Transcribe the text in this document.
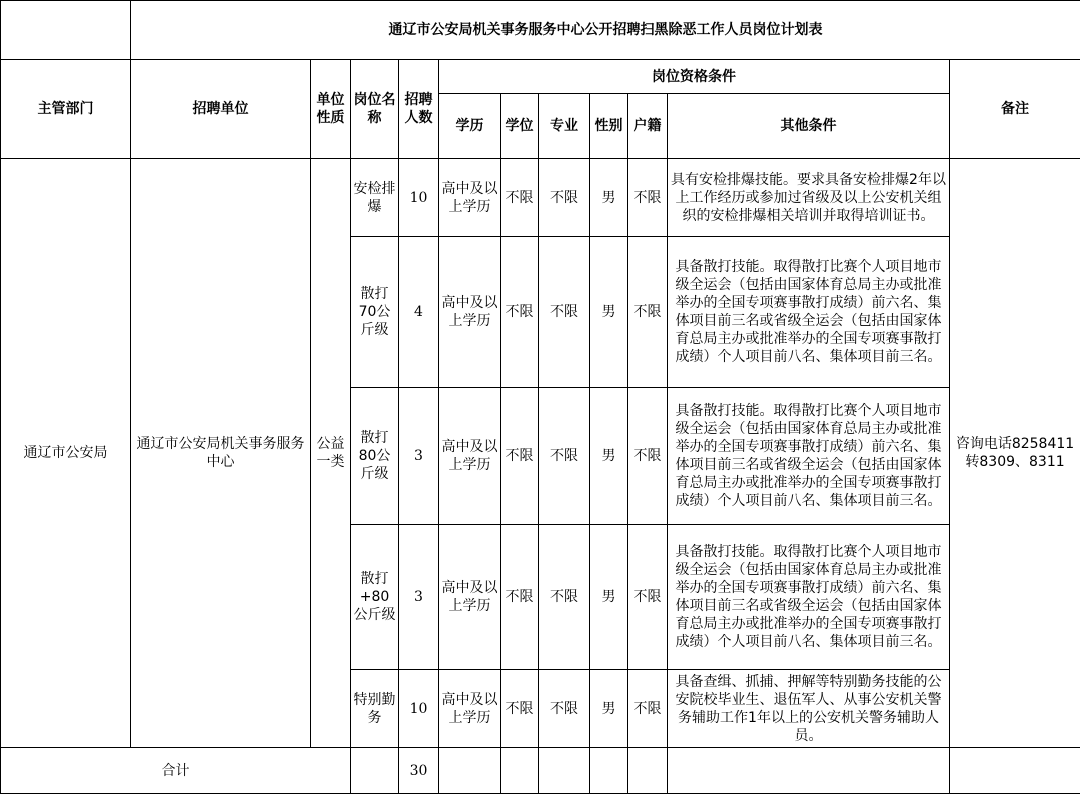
	通辽市公安局机关事务服务中心公开招聘扫黑除恶工作人员岗位计划表										
主管部门	招聘单位	单位性质	岗位名称	招聘人数	岗位资格条件						备注
					学历	学位	专业	性别	户籍	其他条件	
通辽市公安局	通辽市公安局机关事务服务中心	公益一类	安检排爆	10	高中及以上学历	不限	不限	男	不限	具有安检排爆技能。要求具备安检排爆2年以上工作经历或参加过省级及以上公安机关组织的安检排爆相关培训并取得培训证书。	咨询电话8258411转8309、8311
			散打70公斤级	4	高中及以上学历	不限	不限	男	不限	具备散打技能。取得散打比赛个人项目地市级全运会（包括由国家体育总局主办或批准举办的全国专项赛事散打成绩）前六名、集体项目前三名或省级全运会（包括由国家体育总局主办或批准举办的全国专项赛事散打成绩）个人项目前八名、集体项目前三名。	
			散打80公斤级	3	高中及以上学历	不限	不限	男	不限	具备散打技能。取得散打比赛个人项目地市级全运会（包括由国家体育总局主办或批准举办的全国专项赛事散打成绩）前六名、集体项目前三名或省级全运会（包括由国家体育总局主办或批准举办的全国专项赛事散打成绩）个人项目前八名、集体项目前三名。	
			散打+80公斤级	3	高中及以上学历	不限	不限	男	不限	具备散打技能。取得散打比赛个人项目地市级全运会（包括由国家体育总局主办或批准举办的全国专项赛事散打成绩）前六名、集体项目前三名或省级全运会（包括由国家体育总局主办或批准举办的全国专项赛事散打成绩）个人项目前八名、集体项目前三名。	
			特别勤务	10	高中及以上学历	不限	不限	男	不限	具备查缉、抓捕、押解等特别勤务技能的公安院校毕业生、退伍军人、从事公安机关警务辅助工作1年以上的公安机关警务辅助人员。	
合计				30							
